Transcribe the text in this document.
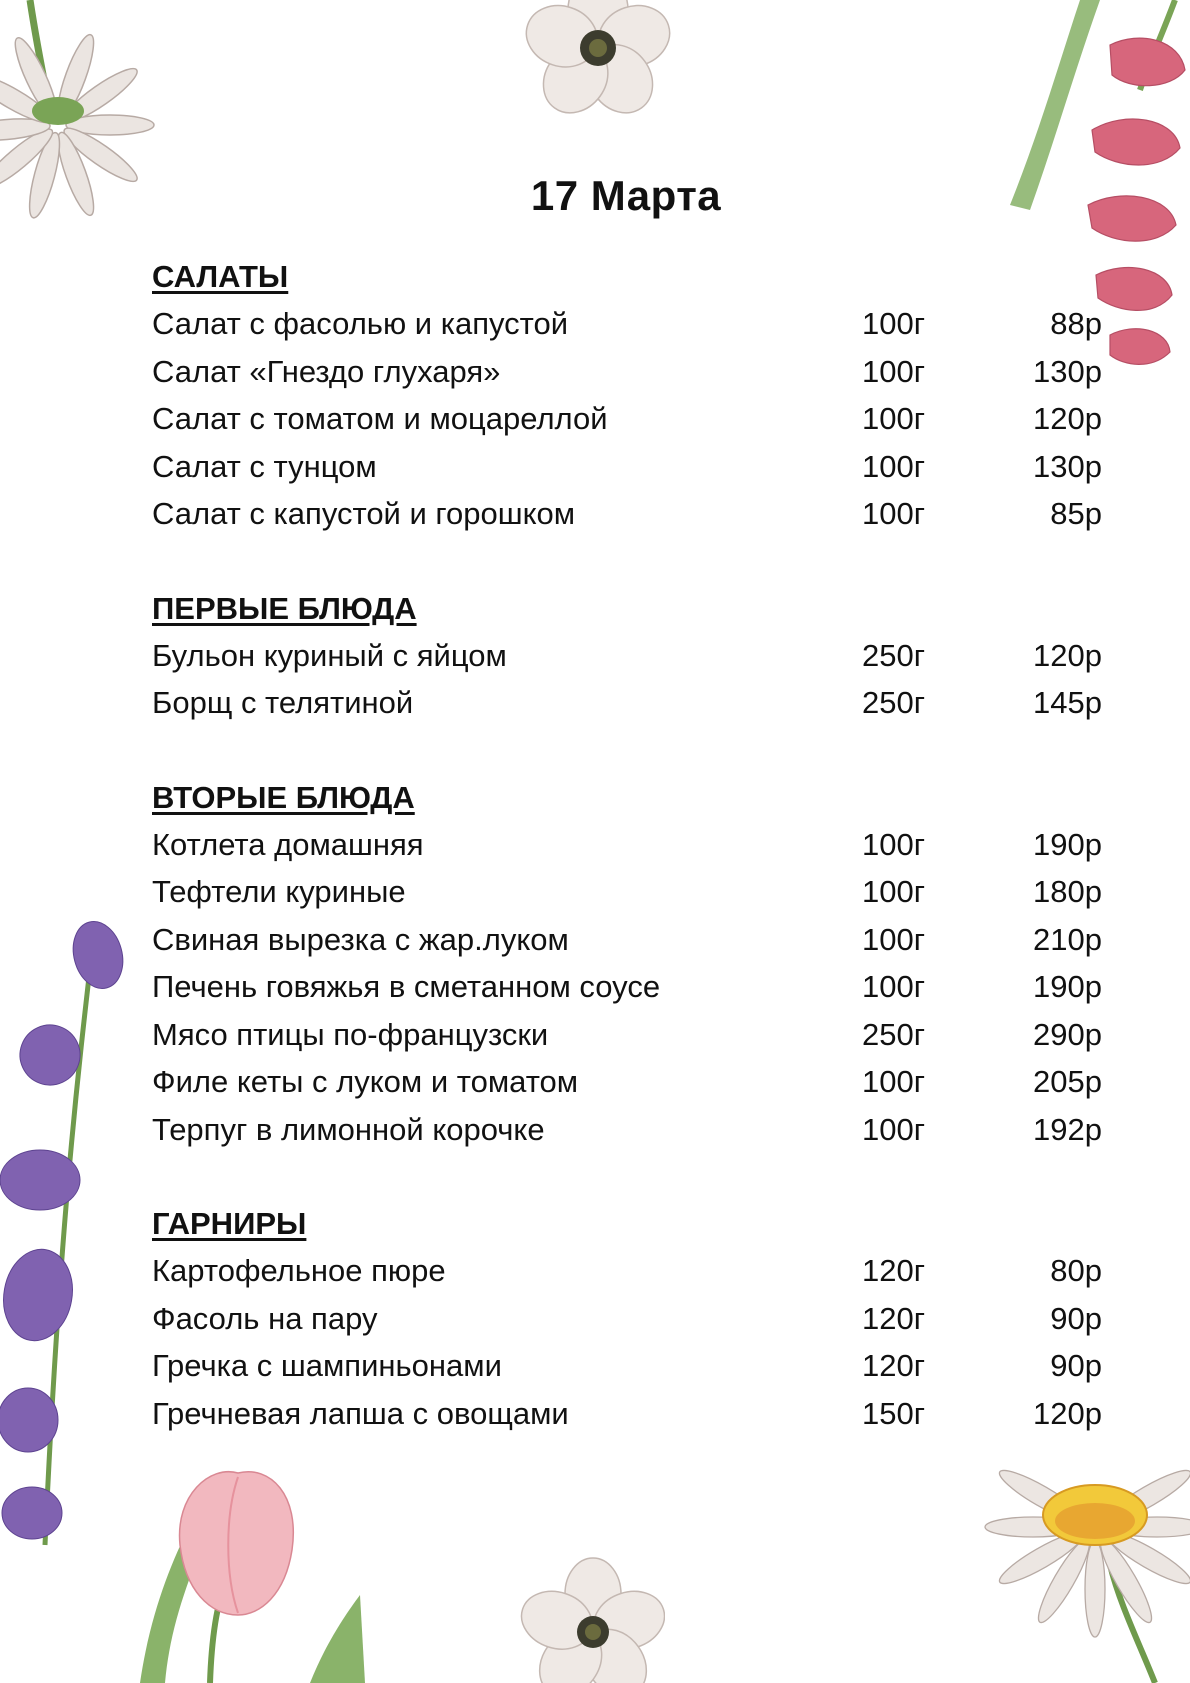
17 Марта
САЛАТЫ
Салат с фасолью и капустой	100г	88р
Салат «Гнездо глухаря»	100г	130р
Салат с томатом и моцареллой	100г	120р
Салат с тунцом	100г	130р
Салат с капустой и горошком	100г	85р
ПЕРВЫЕ БЛЮДА
Бульон куриный с яйцом	250г	120р
Борщ с телятиной	250г	145р
ВТОРЫЕ БЛЮДА
Котлета домашняя	100г	190р
Тефтели куриные	100г	180р
Свиная вырезка с жар.луком	100г	210р
Печень говяжья в сметанном соусе	100г	190р
Мясо птицы по-французски	250г	290р
Филе кеты с луком и томатом	100г	205р
Терпуг в лимонной корочке	100г	192р
ГАРНИРЫ
Картофельное пюре	120г	80р
Фасоль на пару	120г	90р
Гречка с шампиньонами	120г	90р
Гречневая лапша с овощами	150г	120р
